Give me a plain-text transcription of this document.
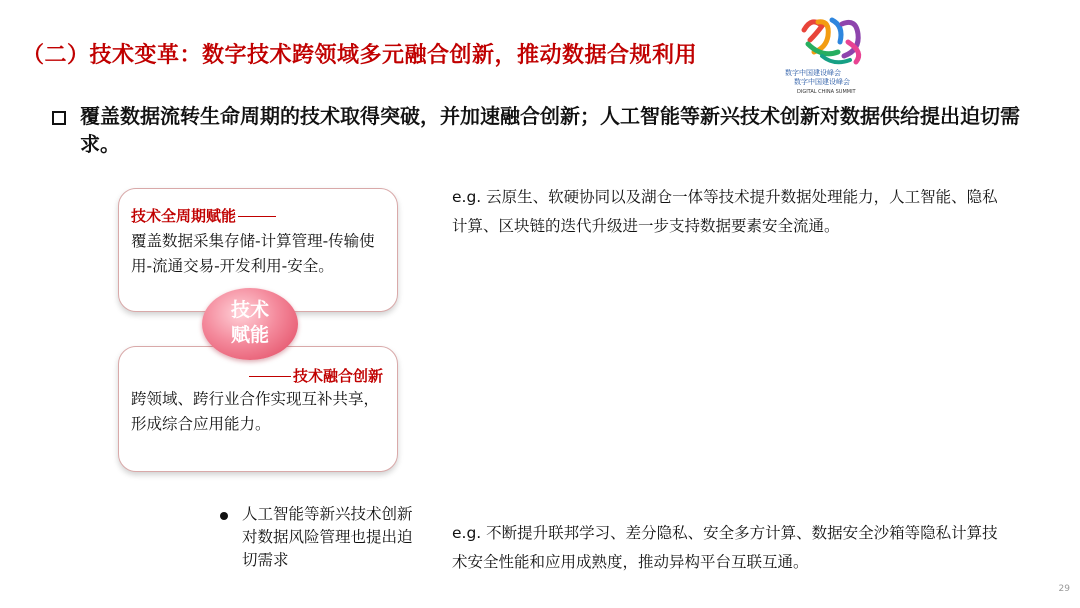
（二）技术变革：数字技术跨领域多元融合创新，推动数据合规利用
数字中国建设峰会
数字中国建设峰会
DIGITAL CHINA SUMMIT
覆盖数据流转生命周期的技术取得突破，并加速融合创新；人工智能等新兴技术创新对数据供给提出迫切需求。
技术全周期赋能
覆盖数据采集存储-计算管理-传输使用-流通交易-开发利用-安全。
技术融合创新
跨领域、跨行业合作实现互补共享，形成综合应用能力。
技术
赋能
e.g. 云原生、软硬协同以及湖仓一体等技术提升数据处理能力，人工智能、隐私计算、区块链的迭代升级进一步支持数据要素安全流通。
人工智能等新兴技术创新对数据风险管理也提出迫切需求
e.g. 不断提升联邦学习、差分隐私、安全多方计算、数据安全沙箱等隐私计算技术安全性能和应用成熟度，推动异构平台互联互通。
29
